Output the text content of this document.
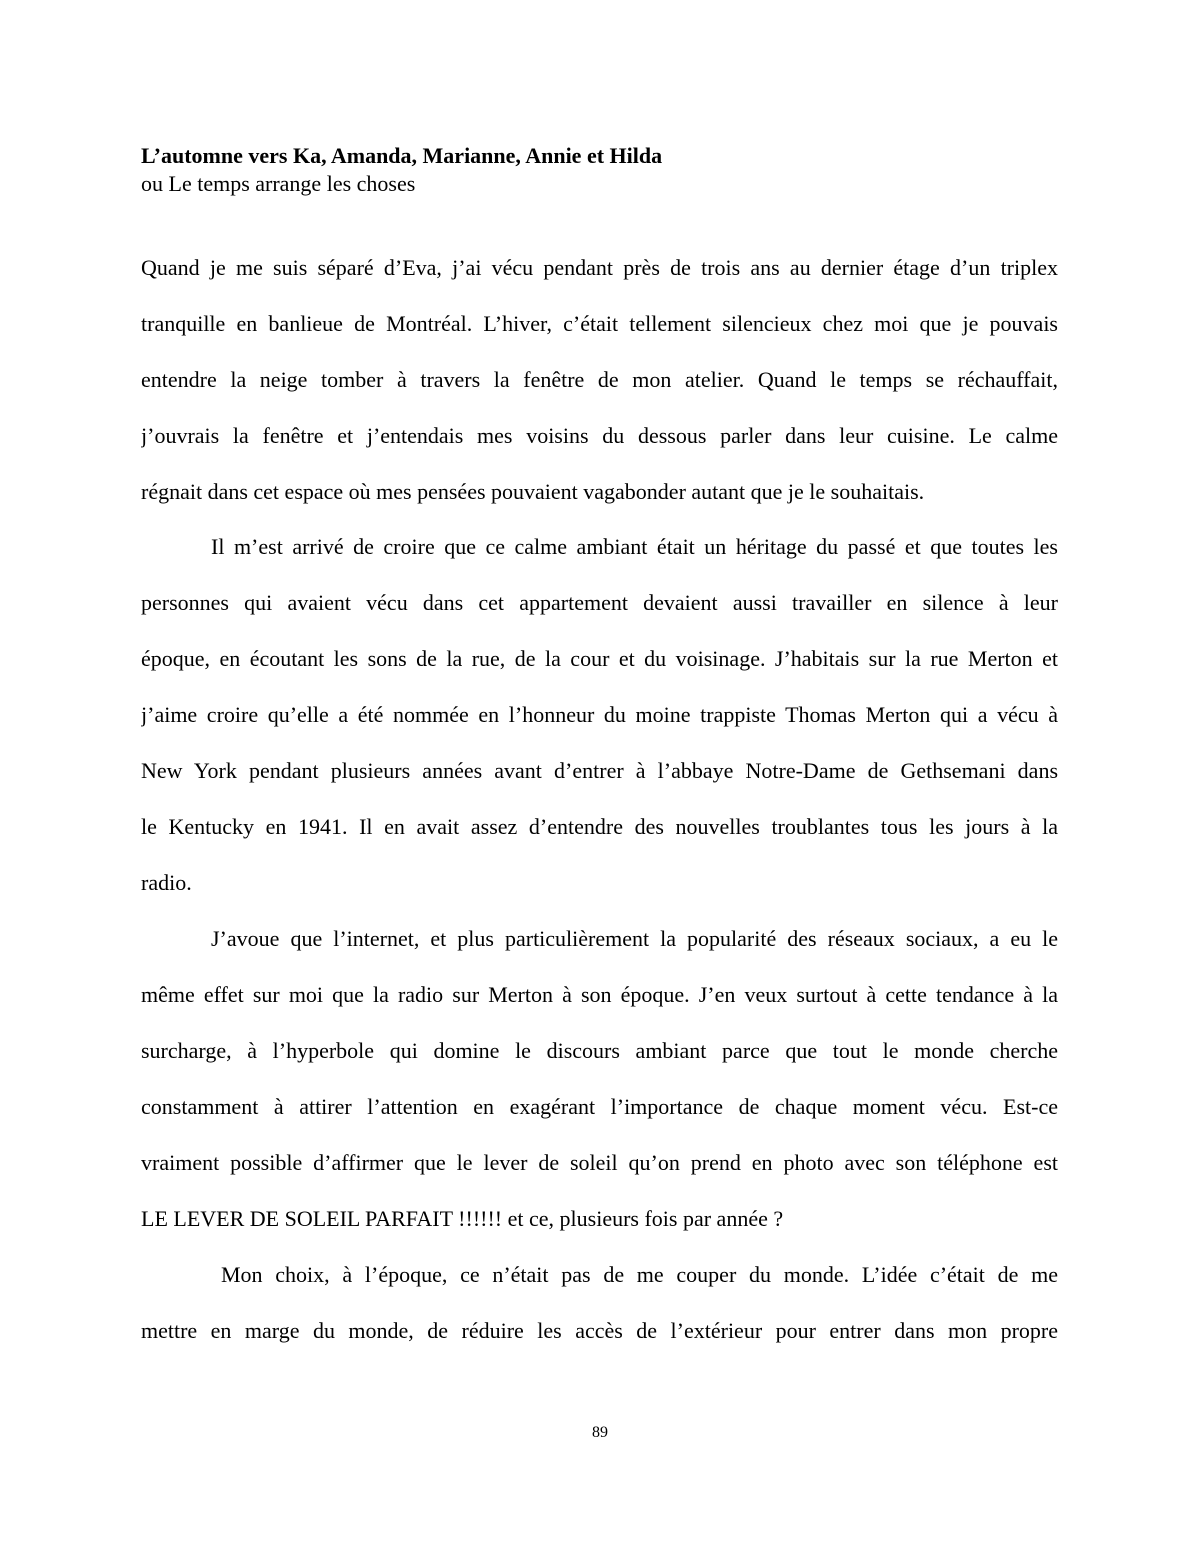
L’automne vers Ka, Amanda, Marianne, Annie et Hilda
ou Le temps arrange les choses
Quand je me suis séparé d’Eva, j’ai vécu pendant près de trois ans au dernier étage d’un triplex
tranquille en banlieue de Montréal. L’hiver, c’était tellement silencieux chez moi que je pouvais
entendre la neige tomber à travers la fenêtre de mon atelier. Quand le temps se réchauffait,
j’ouvrais la fenêtre et j’entendais mes voisins du dessous parler dans leur cuisine. Le calme
régnait dans cet espace où mes pensées pouvaient vagabonder autant que je le souhaitais.
Il m’est arrivé de croire que ce calme ambiant était un héritage du passé et que toutes les
personnes qui avaient vécu dans cet appartement devaient aussi travailler en silence à leur
époque, en écoutant les sons de la rue, de la cour et du voisinage. J’habitais sur la rue Merton et
j’aime croire qu’elle a été nommée en l’honneur du moine trappiste Thomas Merton qui a vécu à
New York pendant plusieurs années avant d’entrer à l’abbaye Notre-Dame de Gethsemani dans
le Kentucky en 1941. Il en avait assez d’entendre des nouvelles troublantes tous les jours à la
radio.
J’avoue que l’internet, et plus particulièrement la popularité des réseaux sociaux, a eu le
même effet sur moi que la radio sur Merton à son époque. J’en veux surtout à cette tendance à la
surcharge, à l’hyperbole qui domine le discours ambiant parce que tout le monde cherche
constamment à attirer l’attention en exagérant l’importance de chaque moment vécu. Est-ce
vraiment possible d’affirmer que le lever de soleil qu’on prend en photo avec son téléphone est
LE LEVER DE SOLEIL PARFAIT !!!!!! et ce, plusieurs fois par année ?
Mon choix, à l’époque, ce n’était pas de me couper du monde. L’idée c’était de me
mettre en marge du monde, de réduire les accès de l’extérieur pour entrer dans mon propre
89
